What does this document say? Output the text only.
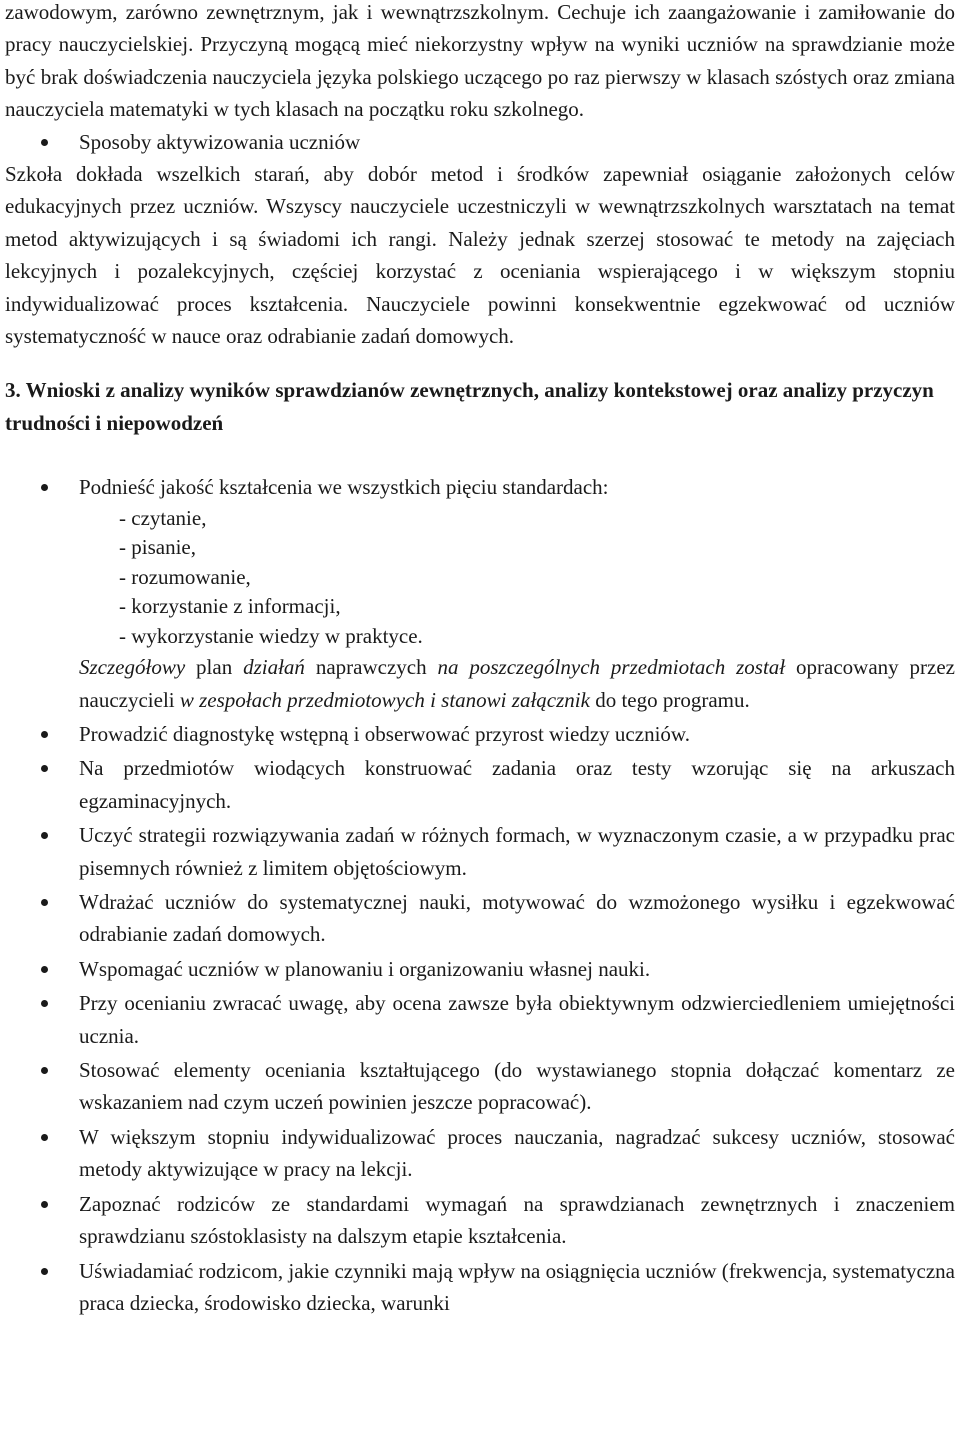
zawodowym, zarówno zewnętrznym, jak i wewnątrzszkolnym. Cechuje ich zaangażowanie i zamiłowanie do pracy nauczycielskiej. Przyczyną mogącą mieć niekorzystny wpływ na wyniki uczniów na sprawdzianie może być brak doświadczenia nauczyciela języka polskiego uczącego po raz pierwszy w klasach szóstych oraz zmiana nauczyciela matematyki w tych klasach na początku roku szkolnego.

Sposoby aktywizowania uczniów

Szkoła dokłada wszelkich starań, aby dobór metod i środków zapewniał osiąganie założonych celów edukacyjnych przez uczniów. Wszyscy nauczyciele uczestniczyli w wewnątrzszkolnych warsztatach na temat metod aktywizujących i są świadomi ich rangi. Należy jednak szerzej stosować te metody na zajęciach lekcyjnych i pozalekcyjnych, częściej korzystać z oceniania wspierającego i w większym stopniu indywidualizować proces kształcenia. Nauczyciele powinni konsekwentnie egzekwować od uczniów systematyczność w nauce oraz odrabianie zadań domowych.

3. Wnioski z analizy wyników sprawdzianów zewnętrznych, analizy kontekstowej oraz analizy przyczyn trudności i niepowodzeń

Podnieść jakość kształcenia we wszystkich pięciu standardach:
- czytanie,
- pisanie,
- rozumowanie,
- korzystanie z informacji,
- wykorzystanie wiedzy w praktyce.
Szczegółowy plan działań naprawczych na poszczególnych przedmiotach został opracowany przez nauczycieli w zespołach przedmiotowych i stanowi załącznik do tego programu.
Prowadzić diagnostykę wstępną i obserwować przyrost wiedzy uczniów.
Na przedmiotów wiodących konstruować zadania oraz testy wzorując się na arkuszach egzaminacyjnych.
Uczyć strategii rozwiązywania zadań w różnych formach, w wyznaczonym czasie, a w przypadku prac pisemnych również z limitem objętościowym.
Wdrażać uczniów do systematycznej nauki, motywować do wzmożonego wysiłku i egzekwować odrabianie zadań domowych.
Wspomagać uczniów w planowaniu i organizowaniu własnej nauki.
Przy ocenianiu zwracać uwagę, aby ocena zawsze była obiektywnym odzwierciedleniem umiejętności ucznia.
Stosować elementy oceniania kształtującego (do wystawianego stopnia dołączać komentarz ze wskazaniem nad czym uczeń powinien jeszcze popracować).
W większym stopniu indywidualizować proces nauczania, nagradzać sukcesy uczniów, stosować metody aktywizujące w pracy na lekcji.
Zapoznać rodziców ze standardami wymagań na sprawdzianach zewnętrznych i znaczeniem sprawdzianu szóstoklasisty na dalszym etapie kształcenia.
Uświadamiać rodzicom, jakie czynniki mają wpływ na osiągnięcia uczniów (frekwencja, systematyczna praca dziecka, środowisko dziecka, warunki
